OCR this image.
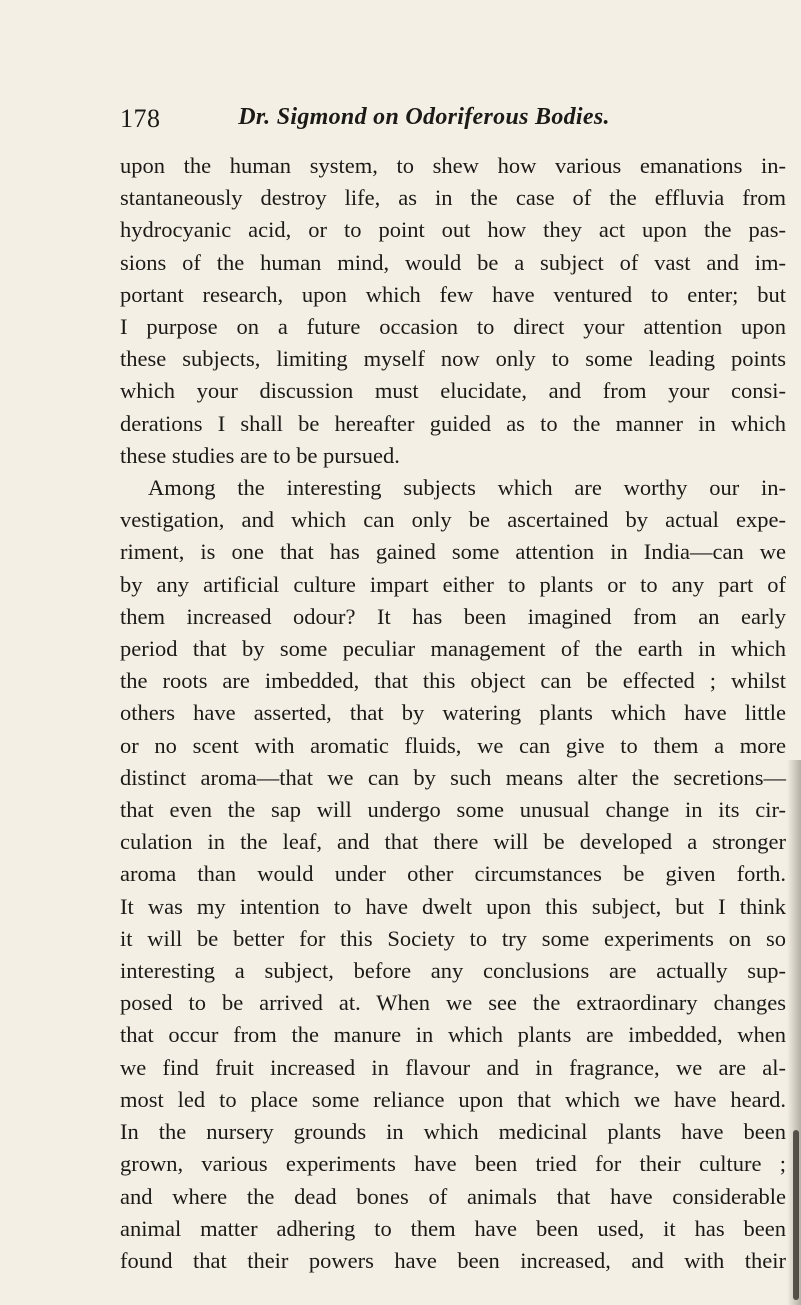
178	Dr. Sigmond on Odoriferous Bodies.
upon the human system, to shew how various emanations in-
stantaneously destroy life, as in the case of the effluvia from
hydrocyanic acid, or to point out how they act upon the pas-
sions of the human mind, would be a subject of vast and im-
portant research, upon which few have ventured to enter; but
I purpose on a future occasion to direct your attention upon
these subjects, limiting myself now only to some leading points
which your discussion must elucidate, and from your consi-
derations I shall be hereafter guided as to the manner in which
these studies are to be pursued.
Among the interesting subjects which are worthy our in-
vestigation, and which can only be ascertained by actual expe-
riment, is one that has gained some attention in India—can we
by any artificial culture impart either to plants or to any part of
them increased odour? It has been imagined from an early
period that by some peculiar management of the earth in which
the roots are imbedded, that this object can be effected ; whilst
others have asserted, that by watering plants which have little
or no scent with aromatic fluids, we can give to them a more
distinct aroma—that we can by such means alter the secretions—
that even the sap will undergo some unusual change in its cir-
culation in the leaf, and that there will be developed a stronger
aroma than would under other circumstances be given forth.
It was my intention to have dwelt upon this subject, but I think
it will be better for this Society to try some experiments on so
interesting a subject, before any conclusions are actually sup-
posed to be arrived at. When we see the extraordinary changes
that occur from the manure in which plants are imbedded, when
we find fruit increased in flavour and in fragrance, we are al-
most led to place some reliance upon that which we have heard.
In the nursery grounds in which medicinal plants have been
grown, various experiments have been tried for their culture ;
and where the dead bones of animals that have considerable
animal matter adhering to them have been used, it has been
found that their powers have been increased, and with their
